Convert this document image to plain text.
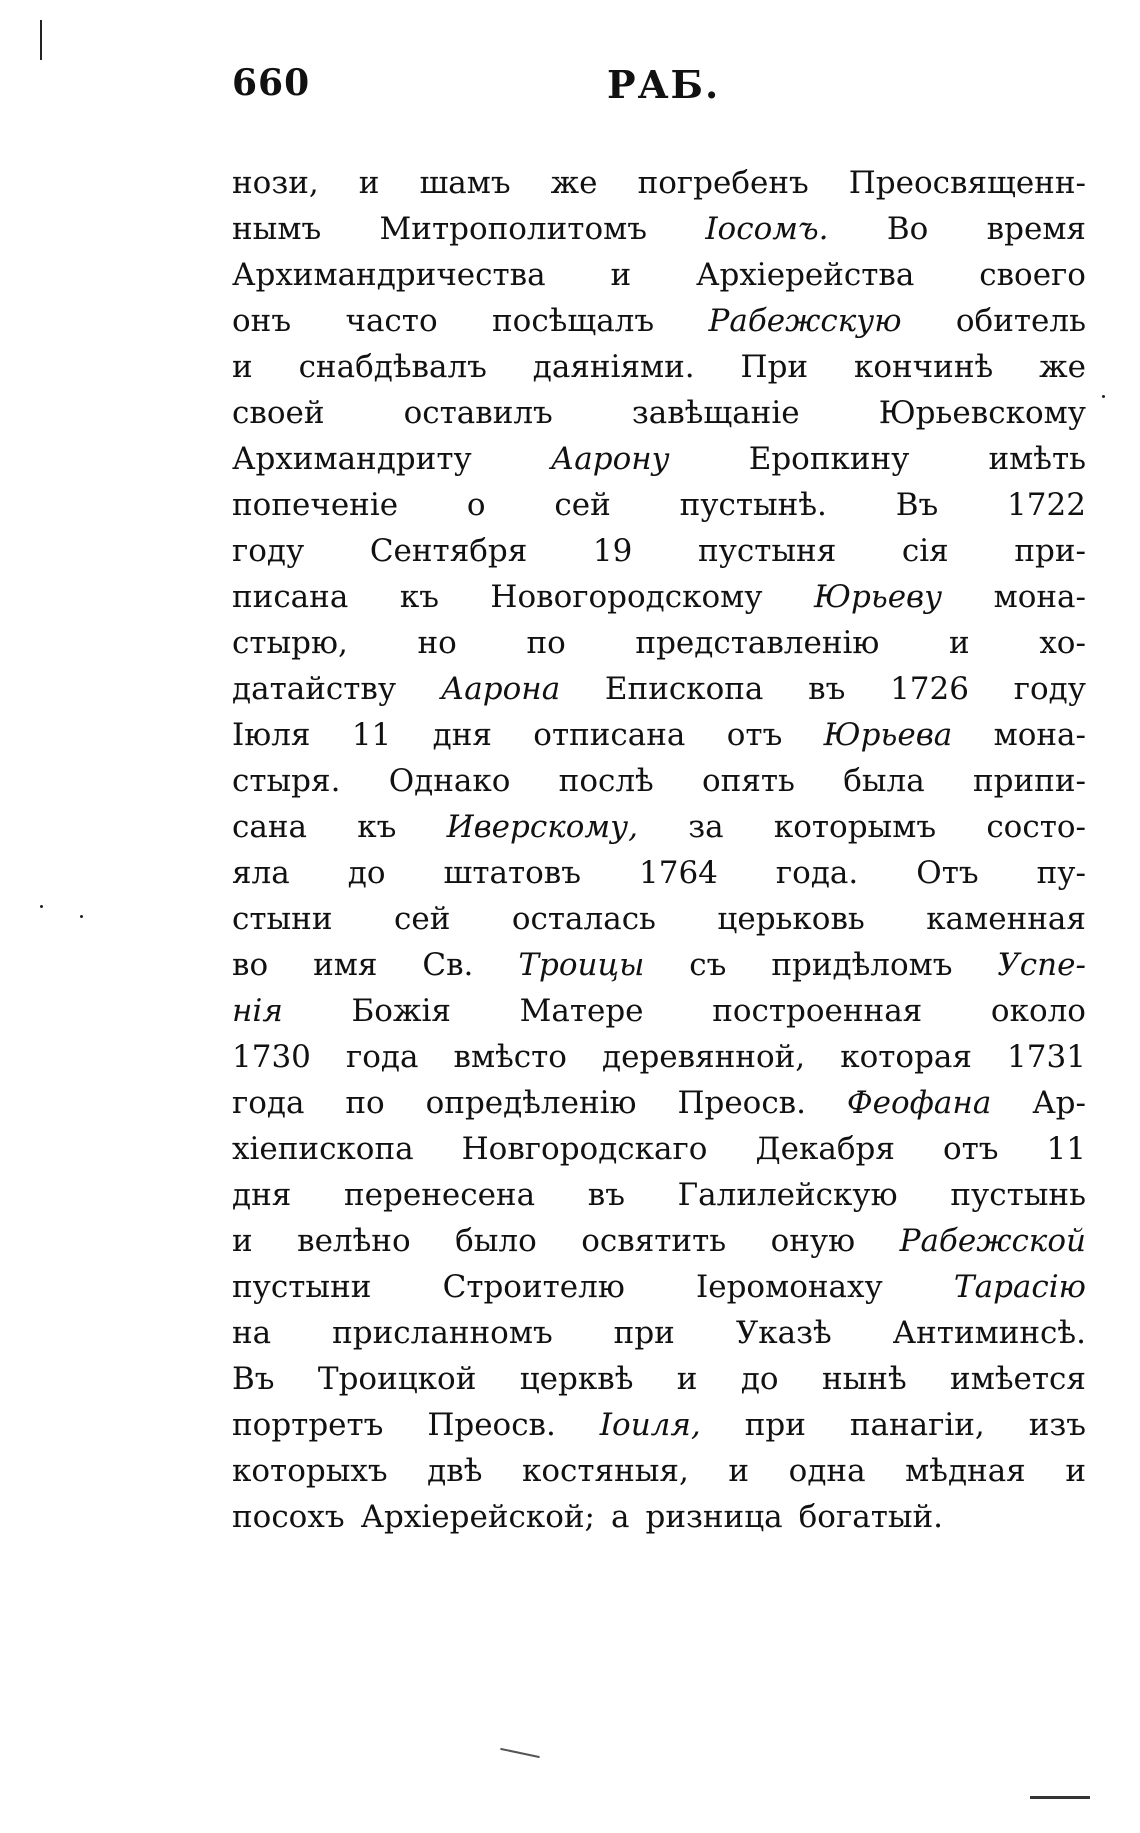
660	РАБ.
нози, и шамъ же погребенъ Преосвященн-
нымъ Митрополитомъ Iосомъ. Во время
Архимандричества и Архiерейства своего
онъ часто посѣщалъ Рабежскую обитель
и снабдѣвалъ даянiями. При кончинѣ же
своей	оставилъ	завѣщанiе	Юрьевскому
Архимандриту	Аарону	Еропкину	имѣть
попеченiе о сей пустынѣ. Въ 1722
году Сентября 19 пустыня сiя при-
писана къ Новогородскому Юрьеву мона-
стырю, но по представленiю и хо-
датайству Аарона Епископа въ 1726 году
Iюля 11 дня отписана отъ Юрьева мона-
стыря. Однако послѣ опять была припи-
сана къ Иверскому, за которымъ состо-
яла до штатовъ 1764 года. Отъ пу-
стыни сей осталась церьковь каменная
во имя Св. Троицы съ придѣломъ Успе-
нiя Божiя Матере построенная около
1730 года вмѣсто деревянной, которая 1731
года по опредѣленiю Преосв. Феофана Ар-
хiепископа Новгородскаго Декабря отъ 11
дня перенесена въ Галилейскую пустынь
и велѣно было освятить оную Рабежской
пустыни Строителю Iеромонаху Тарасiю
на присланномъ при Указѣ Антиминсѣ.
Въ Троицкой церквѣ и до нынѣ имѣется
портретъ Преосв. Iоиля, при панагiи, изъ
которыхъ двѣ костяныя, и одна мѣдная и
посохъ Архiерейской; а ризница богатый.
